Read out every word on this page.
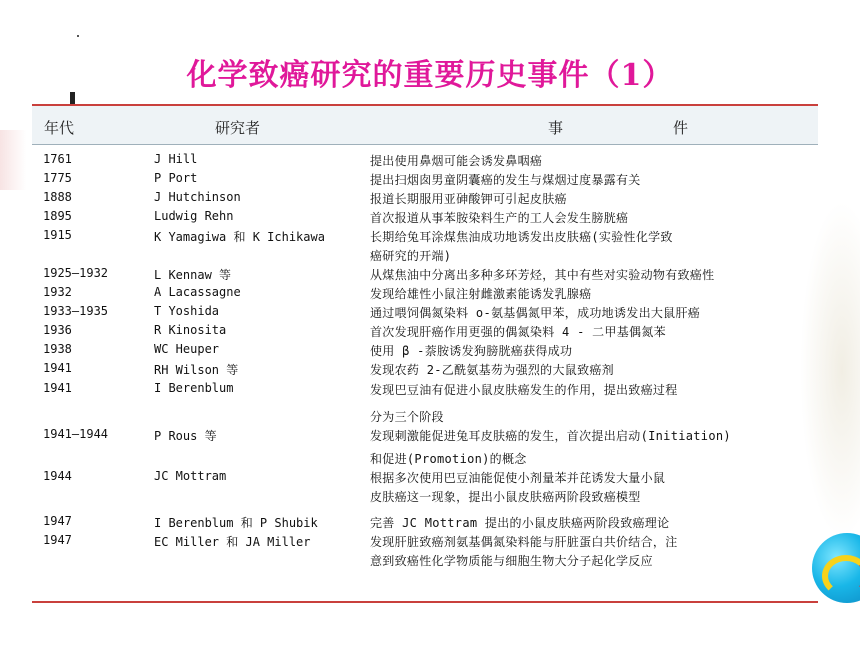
化学致癌研究的重要历史事件（1）
年代	研究者	事	件
1761	J Hill	提出使用鼻烟可能会诱发鼻咽癌
1775	P Port	提出扫烟囱男童阴囊癌的发生与煤烟过度暴露有关
1888	J Hutchinson	报道长期服用亚砷酸钾可引起皮肤癌
1895	Ludwig Rehn	首次报道从事苯胺染料生产的工人会发生膀胱癌
1915	K Yamagiwa 和 K Ichikawa	长期给兔耳涂煤焦油成功地诱发出皮肤癌(实验性化学致
癌研究的开端)
1925—1932	L Kennaw 等	从煤焦油中分离出多种多环芳烃，其中有些对实验动物有致癌性
1932	A Lacassagne	发现给雄性小鼠注射雌激素能诱发乳腺癌
1933—1935	T Yoshida	通过喂饲偶氮染料 o-氨基偶氮甲苯，成功地诱发出大鼠肝癌
1936	R Kinosita	首次发现肝癌作用更强的偶氮染料 4 - 二甲基偶氮苯
1938	WC Heuper	使用 β -萘胺诱发狗膀胱癌获得成功
1941	RH Wilson 等	发现农药 2-乙酰氨基芴为强烈的大鼠致癌剂
1941	I Berenblum	发现巴豆油有促进小鼠皮肤癌发生的作用，提出致癌过程
分为三个阶段
1941—1944	P Rous 等	发现刺激能促进兔耳皮肤癌的发生，首次提出启动(Initiation)
和促进(Promotion)的概念
1944	JC Mottram	根据多次使用巴豆油能促使小剂量苯并芘诱发大量小鼠
皮肤癌这一现象，提出小鼠皮肤癌两阶段致癌模型
1947	I Berenblum 和 P Shubik	完善 JC Mottram 提出的小鼠皮肤癌两阶段致癌理论
1947	EC Miller 和 JA Miller	发现肝脏致癌剂氨基偶氮染料能与肝脏蛋白共价结合，注
意到致癌性化学物质能与细胞生物大分子起化学反应
